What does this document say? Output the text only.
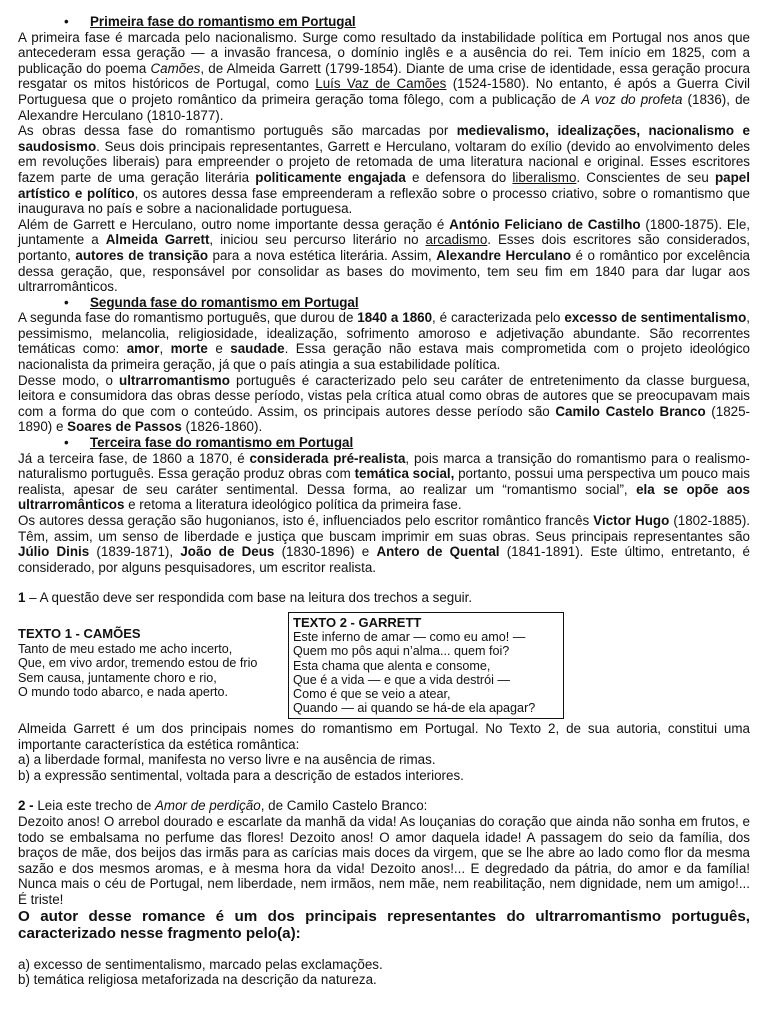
• Primeira fase do romantismo em Portugal

A primeira fase é marcada pelo nacionalismo. Surge como resultado da instabilidade política em Portugal nos anos que antecederam essa geração — a invasão francesa, o domínio inglês e a ausência do rei. Tem início em 1825, com a publicação do poema Camões, de Almeida Garrett (1799-1854). Diante de uma crise de identidade, essa geração procura resgatar os mitos históricos de Portugal, como Luís Vaz de Camões (1524-1580). No entanto, é após a Guerra Civil Portuguesa que o projeto romântico da primeira geração toma fôlego, com a publicação de A voz do profeta (1836), de Alexandre Herculano (1810-1877).

As obras dessa fase do romantismo português são marcadas por medievalismo, idealizações, nacionalismo e saudosismo. Seus dois principais representantes, Garrett e Herculano, voltaram do exílio (devido ao envolvimento deles em revoluções liberais) para empreender o projeto de retomada de uma literatura nacional e original. Esses escritores fazem parte de uma geração literária politicamente engajada e defensora do liberalismo. Conscientes de seu papel artístico e político, os autores dessa fase empreenderam a reflexão sobre o processo criativo, sobre o romantismo que inaugurava no país e sobre a nacionalidade portuguesa.

Além de Garrett e Herculano, outro nome importante dessa geração é António Feliciano de Castilho (1800-1875). Ele, juntamente a Almeida Garrett, iniciou seu percurso literário no arcadismo. Esses dois escritores são considerados, portanto, autores de transição para a nova estética literária. Assim, Alexandre Herculano é o romântico por excelência dessa geração, que, responsável por consolidar as bases do movimento, tem seu fim em 1840 para dar lugar aos ultrarromânticos.

• Segunda fase do romantismo em Portugal

A segunda fase do romantismo português, que durou de 1840 a 1860, é caracterizada pelo excesso de sentimentalismo, pessimismo, melancolia, religiosidade, idealização, sofrimento amoroso e adjetivação abundante. São recorrentes temáticas como: amor, morte e saudade. Essa geração não estava mais comprometida com o projeto ideológico nacionalista da primeira geração, já que o país atingia a sua estabilidade política.

Desse modo, o ultrarromantismo português é caracterizado pelo seu caráter de entretenimento da classe burguesa, leitora e consumidora das obras desse período, vistas pela crítica atual como obras de autores que se preocupavam mais com a forma do que com o conteúdo. Assim, os principais autores desse período são Camilo Castelo Branco (1825-1890) e Soares de Passos (1826-1860).

• Terceira fase do romantismo em Portugal

Já a terceira fase, de 1860 a 1870, é considerada pré-realista, pois marca a transição do romantismo para o realismo-naturalismo português. Essa geração produz obras com temática social, portanto, possui uma perspectiva um pouco mais realista, apesar de seu caráter sentimental. Dessa forma, ao realizar um “romantismo social”, ela se opõe aos ultrarromânticos e retoma a literatura ideológico política da primeira fase.

Os autores dessa geração são hugonianos, isto é, influenciados pelo escritor romântico francês Victor Hugo (1802-1885). Têm, assim, um senso de liberdade e justiça que buscam imprimir em suas obras. Seus principais representantes são Júlio Dinis (1839-1871), João de Deus (1830-1896) e Antero de Quental (1841-1891). Este último, entretanto, é considerado, por alguns pesquisadores, um escritor realista.

1 – A questão deve ser respondida com base na leitura dos trechos a seguir.

TEXTO 1 - CAMÕES
Tanto de meu estado me acho incerto,
Que, em vivo ardor, tremendo estou de frio
Sem causa, juntamente choro e rio,
O mundo todo abarco, e nada aperto.
TEXTO 2 - GARRETT
Este inferno de amar — como eu amo! —
Quem mo pôs aqui n’alma... quem foi?
Esta chama que alenta e consome,
Que é a vida — e que a vida destrói —
Como é que se veio a atear,
Quando — ai quando se há-de ela apagar?

Almeida Garrett é um dos principais nomes do romantismo em Portugal. No Texto 2, de sua autoria, constitui uma importante característica da estética romântica:

a) a liberdade formal, manifesta no verso livre e na ausência de rimas.

b) a expressão sentimental, voltada para a descrição de estados interiores.

2 - Leia este trecho de Amor de perdição, de Camilo Castelo Branco:

Dezoito anos! O arrebol dourado e escarlate da manhã da vida! As louçanias do coração que ainda não sonha em frutos, e todo se embalsama no perfume das flores! Dezoito anos! O amor daquela idade! A passagem do seio da família, dos braços de mãe, dos beijos das irmãs para as carícias mais doces da virgem, que se lhe abre ao lado como flor da mesma sazão e dos mesmos aromas, e à mesma hora da vida! Dezoito anos!... E degredado da pátria, do amor e da família! Nunca mais o céu de Portugal, nem liberdade, nem irmãos, nem mãe, nem reabilitação, nem dignidade, nem um amigo!... É triste!

O autor desse romance é um dos principais representantes do ultrarromantismo português, caracterizado nesse fragmento pelo(a):

a) excesso de sentimentalismo, marcado pelas exclamações.

b) temática religiosa metaforizada na descrição da natureza.
